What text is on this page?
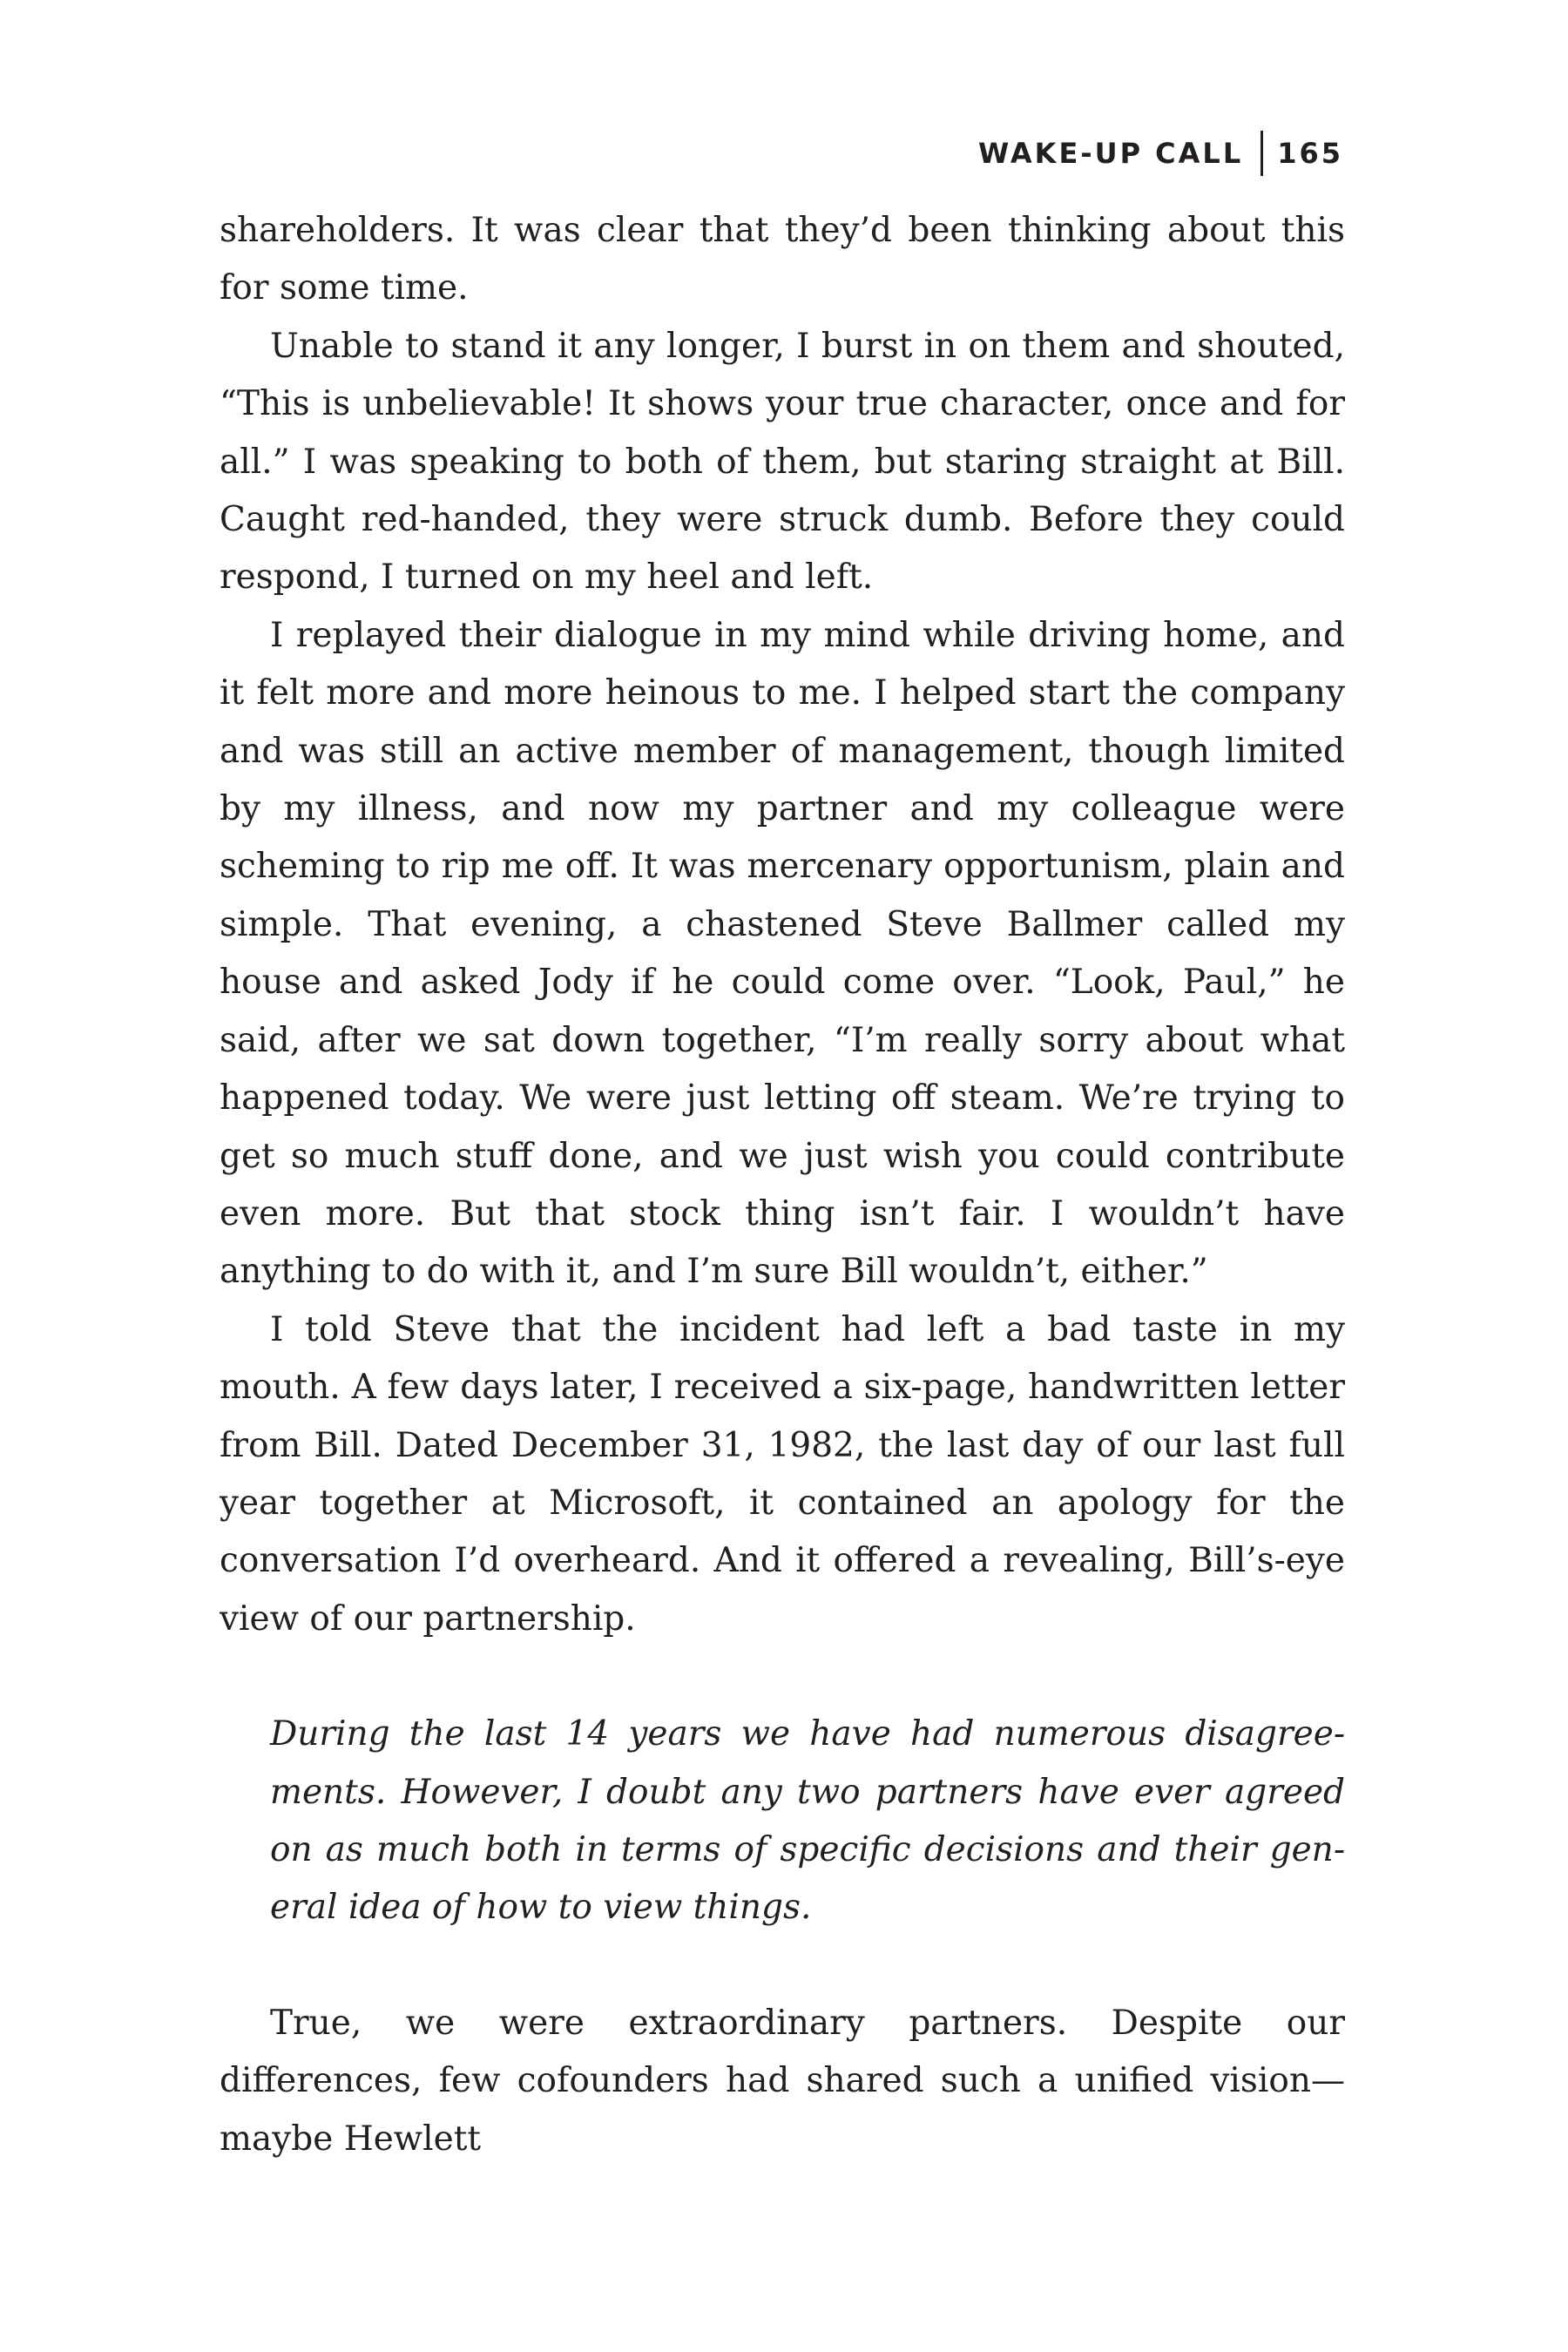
WAKE-UP CALL 165

shareholders. It was clear that they’d been thinking about this for some time.

Unable to stand it any longer, I burst in on them and shouted, “This is unbelievable! It shows your true character, once and for all.” I was speaking to both of them, but staring straight at Bill. Caught red-handed, they were struck dumb. Before they could respond, I turned on my heel and left.

I replayed their dialogue in my mind while driving home, and it felt more and more heinous to me. I helped start the company and was still an active member of management, though limited by my illness, and now my partner and my colleague were scheming to rip me off. It was mercenary opportunism, plain and simple. That evening, a chastened Steve Ballmer called my house and asked Jody if he could come over. “Look, Paul,” he said, after we sat down together, “I’m really sorry about what happened today. We were just letting off steam. We’re trying to get so much stuff done, and we just wish you could contribute even more. But that stock thing isn’t fair. I wouldn’t have anything to do with it, and I’m sure Bill wouldn’t, either.”

I told Steve that the incident had left a bad taste in my mouth. A few days later, I received a six-page, handwritten letter from Bill. Dated December 31, 1982, the last day of our last full year together at Microsoft, it contained an apology for the conversation I’d overheard. And it offered a revealing, Bill’s-eye view of our partnership.

During the last 14 years we have had numerous disagreements. However, I doubt any two partners have ever agreed on as much both in terms of specific decisions and their general idea of how to view things.

True, we were extraordinary partners. Despite our differences, few cofounders had shared such a unified vision—maybe Hewlett
